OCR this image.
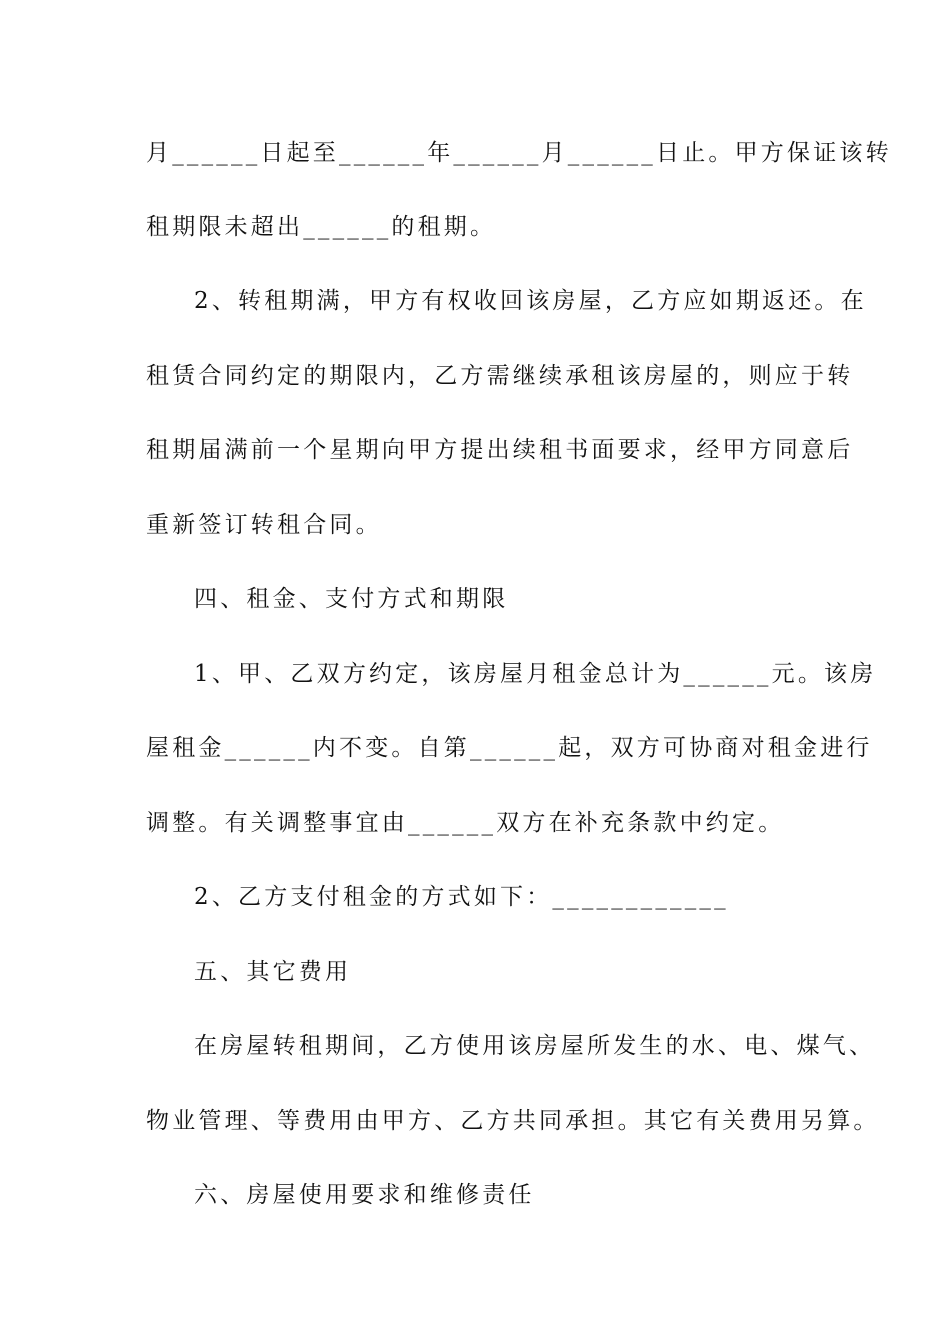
月______日起至______年______月______日止。甲方保证该转
租期限未超出______的租期。
2、转租期满，甲方有权收回该房屋，乙方应如期返还。在
租赁合同约定的期限内，乙方需继续承租该房屋的，则应于转
租期届满前一个星期向甲方提出续租书面要求，经甲方同意后
重新签订转租合同。
四、租金、支付方式和期限
1、甲、乙双方约定，该房屋月租金总计为______元。该房
屋租金______内不变。自第______起，双方可协商对租金进行
调整。有关调整事宜由______双方在补充条款中约定。
2、乙方支付租金的方式如下：____________
五、其它费用
在房屋转租期间，乙方使用该房屋所发生的水、电、煤气、
物业管理、等费用由甲方、乙方共同承担。其它有关费用另算。
六、房屋使用要求和维修责任
